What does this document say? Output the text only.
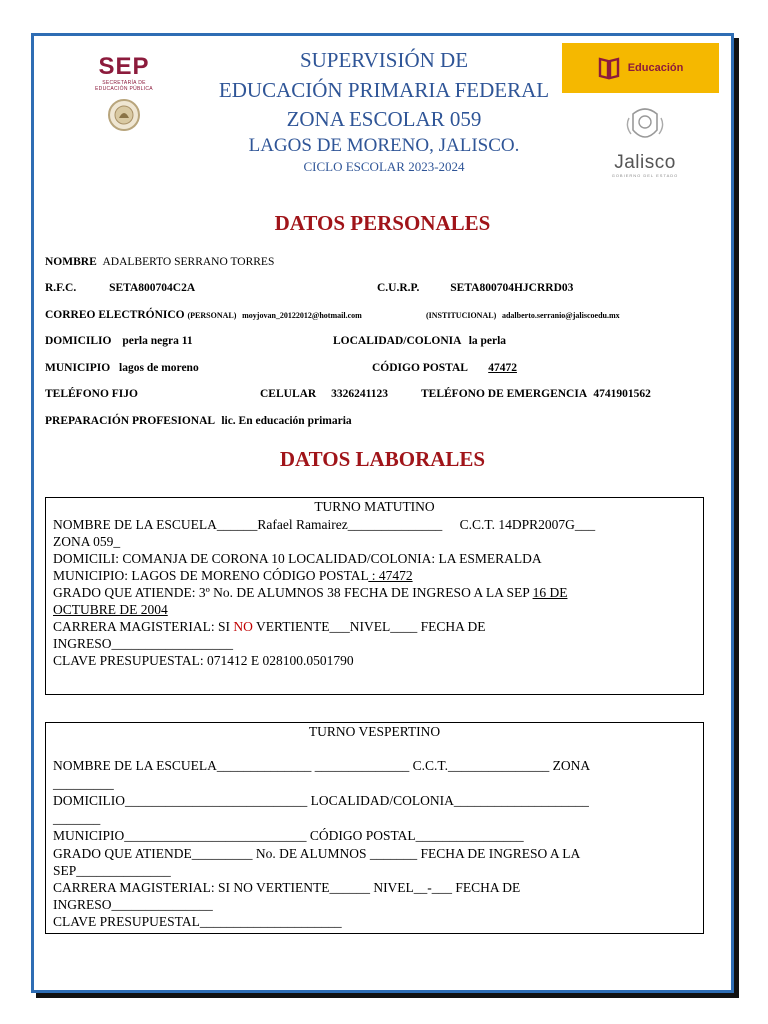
SEP
SECRETARÍA DE
EDUCACIÓN PÚBLICA
SUPERVISIÓN DE
EDUCACIÓN PRIMARIA FEDERAL
ZONA ESCOLAR 059
LAGOS DE MORENO, JALISCO.
CICLO ESCOLAR 2023-2024
Educación
Jalisco
GOBIERNO DEL ESTADO
DATOS PERSONALES
NOMBRE ADALBERTO SERRANO TORRES
R.F.C.	SETA800704C2A	C.U.R.P.	SETA800704HJCRRD03
CORREO ELECTRÓNICO (PERSONAL) moyjovan_20122012@hotmail.com	(INSTITUCIONAL) adalberto.serranio@jaliscoedu.mx
DOMICILIO perla negra 11	LOCALIDAD/COLONIA la perla
MUNICIPIO lagos de moreno	CÓDIGO POSTAL 47472
TELÉFONO FIJO	CELULAR 3326241123	TELÉFONO DE EMERGENCIA 4741901562
PREPARACIÓN PROFESIONAL lic. En educación primaria
DATOS LABORALES
TURNO MATUTINO
NOMBRE DE LA ESCUELA______Rafael Ramairez______________ C.C.T. 14DPR2007G___
ZONA 059_
DOMICILI: COMANJA DE CORONA 10 LOCALIDAD/COLONIA: LA ESMERALDA
MUNICIPIO: LAGOS DE MORENO CÓDIGO POSTAL : 47472
GRADO QUE ATIENDE: 3º No. DE ALUMNOS 38 FECHA DE INGRESO A LA SEP 16 DE
OCTUBRE DE 2004
CARRERA MAGISTERIAL: SI NO VERTIENTE___NIVEL____ FECHA DE
INGRESO__________________
CLAVE PRESUPUESTAL: 071412 E 028100.0501790
TURNO VESPERTINO
NOMBRE DE LA ESCUELA______________ ______________ C.C.T._______________ ZONA
_________
DOMICILIO___________________________ LOCALIDAD/COLONIA____________________
_______
MUNICIPIO___________________________ CÓDIGO POSTAL________________
GRADO QUE ATIENDE_________ No. DE ALUMNOS _______ FECHA DE INGRESO A LA
SEP______________
CARRERA MAGISTERIAL: SI NO VERTIENTE______ NIVEL__-___ FECHA DE
INGRESO_______________
CLAVE PRESUPUESTAL_____________________
